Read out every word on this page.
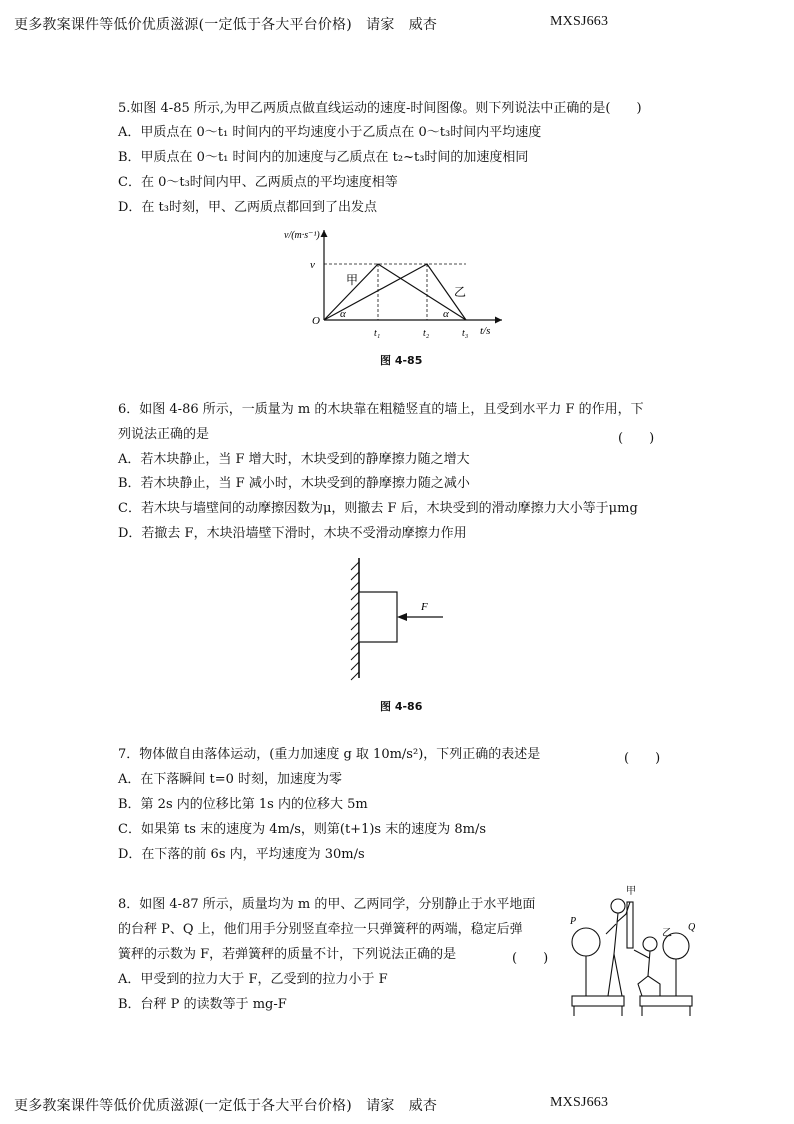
更多教案课件等低价优质滋源(一定低于各大平台价格)　请家　威杏	MXSJ663
5.如图 4-85 所示,为甲乙两质点做直线运动的速度-时间图像。则下列说法中正确的是(　　)
A．甲质点在 0～t₁ 时间内的平均速度小于乙质点在 0～t₃时间内平均速度
B．甲质点在 0～t₁ 时间内的加速度与乙质点在 t₂~t₃时间的加速度相同
C．在 0～t₃时间内甲、乙两质点的平均速度相等
D．在 t₃时刻，甲、乙两质点都回到了出发点
v/(m·s⁻¹)
v
甲
乙
O
α	α
t₁	t₂	t₃ t/s
图 4-85
6．如图 4-86 所示，一质量为 m 的木块靠在粗糙竖直的墙上，且受到水平力 F 的作用，下
列说法正确的是	(　　)
A．若木块静止，当 F 增大时，木块受到的静摩擦力随之增大
B．若木块静止，当 F 减小时，木块受到的静摩擦力随之减小
C．若木块与墙壁间的动摩擦因数为μ，则撤去 F 后，木块受到的滑动摩擦力大小等于μmg
D．若撤去 F，木块沿墙壁下滑时，木块不受滑动摩擦力作用
F
图 4-86
7．物体做自由落体运动，(重力加速度 g 取 10m/s²)，下列正确的表述是	(　　)
A．在下落瞬间 t=0 时刻，加速度为零
B．第 2s 内的位移比第 1s 内的位移大 5m
C．如果第 ts 末的速度为 4m/s，则第(t+1)s 末的速度为 8m/s
D．在下落的前 6s 内，平均速度为 30m/s
8．如图 4-87 所示，质量均为 m 的甲、乙两同学，分别静止于水平地面
的台秤 P、Q 上，他们用手分别竖直牵拉一只弹簧秤的两端，稳定后弹
簧秤的示数为 F，若弹簧秤的质量不计，下列说法正确的是	(　　)
A．甲受到的拉力大于 F，乙受到的拉力小于 F
B．台秤 P 的读数等于 mg-F
甲
乙
P
Q
更多教案课件等低价优质滋源(一定低于各大平台价格)　请家　威杏	MXSJ663
